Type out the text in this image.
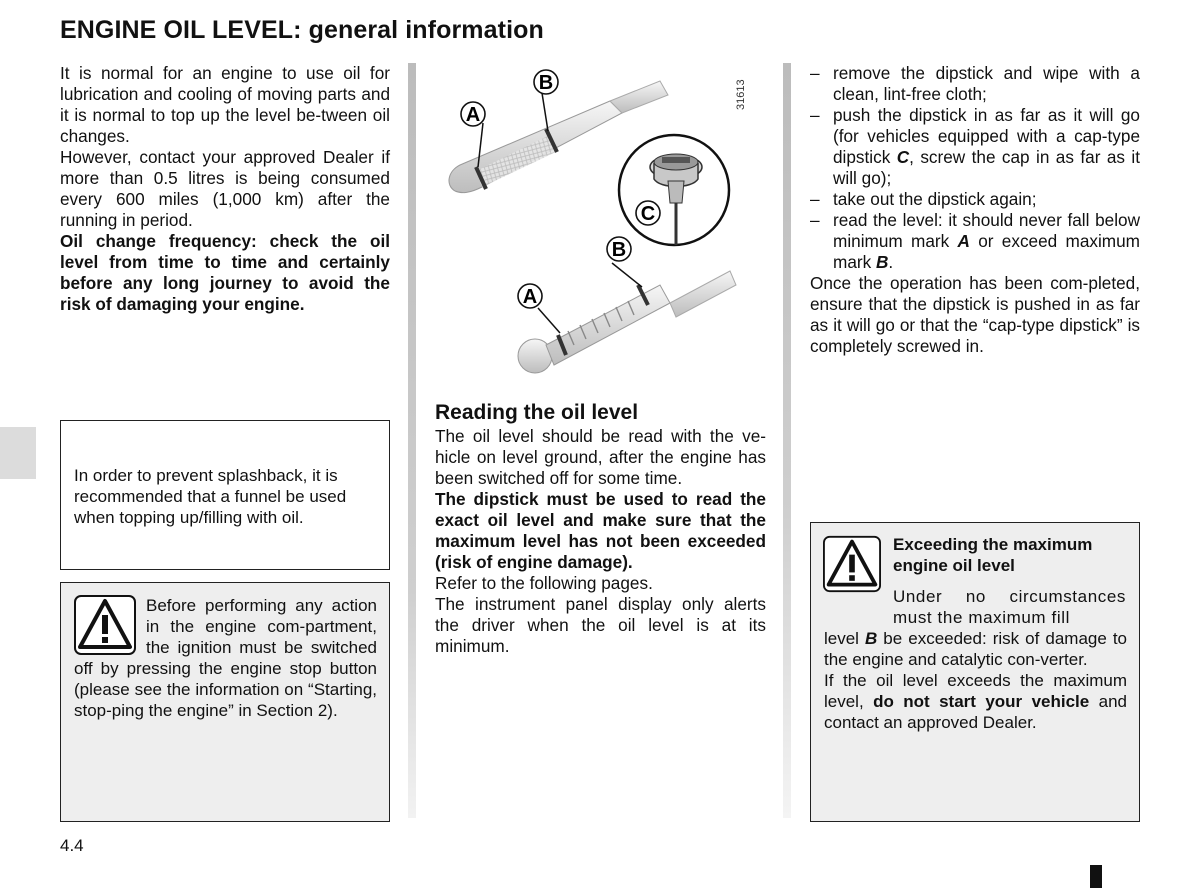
ENGINE OIL LEVEL: general information

It is normal for an engine to use oil for lubrication and cooling of moving parts and it is normal to top up the level be-tween oil changes.

However, contact your approved Dealer if more than 0.5 litres is being consumed every 600 miles (1,000 km) after the running in period.

Oil change frequency: check the oil level from time to time and certainly before any long journey to avoid the risk of damaging your engine.

In order to prevent splashback, it is recommended that a funnel be used when topping up/filling with oil.

Before performing any action in the engine com-partment, the ignition must be switched off by pressing the engine stop button (please see the information on “Starting, stop-ping the engine” in Section 2).
A
B
C
B
A
31613

Reading the oil level

The oil level should be read with the ve-hicle on level ground, after the engine has been switched off for some time.

The dipstick must be used to read the exact oil level and make sure that the maximum level has not been exceeded (risk of engine damage).

Refer to the following pages.

The instrument panel display only alerts the driver when the oil level is at its minimum.

– remove the dipstick and wipe with a clean, lint-free cloth;
– push the dipstick in as far as it will go (for vehicles equipped with a cap-type dipstick C, screw the cap in as far as it will go);
– take out the dipstick again;
– read the level: it should never fall below minimum mark A or exceed maximum mark B.

Once the operation has been com-pleted, ensure that the dipstick is pushed in as far as it will go or that the “cap-type dipstick” is completely screwed in.

Exceeding the maximum engine oil level
Under no circumstances must the maximum fill

level B be exceeded: risk of damage to the engine and catalytic con-verter.

If the oil level exceeds the maximum level, do not start your vehicle and contact an approved Dealer.

4.4
